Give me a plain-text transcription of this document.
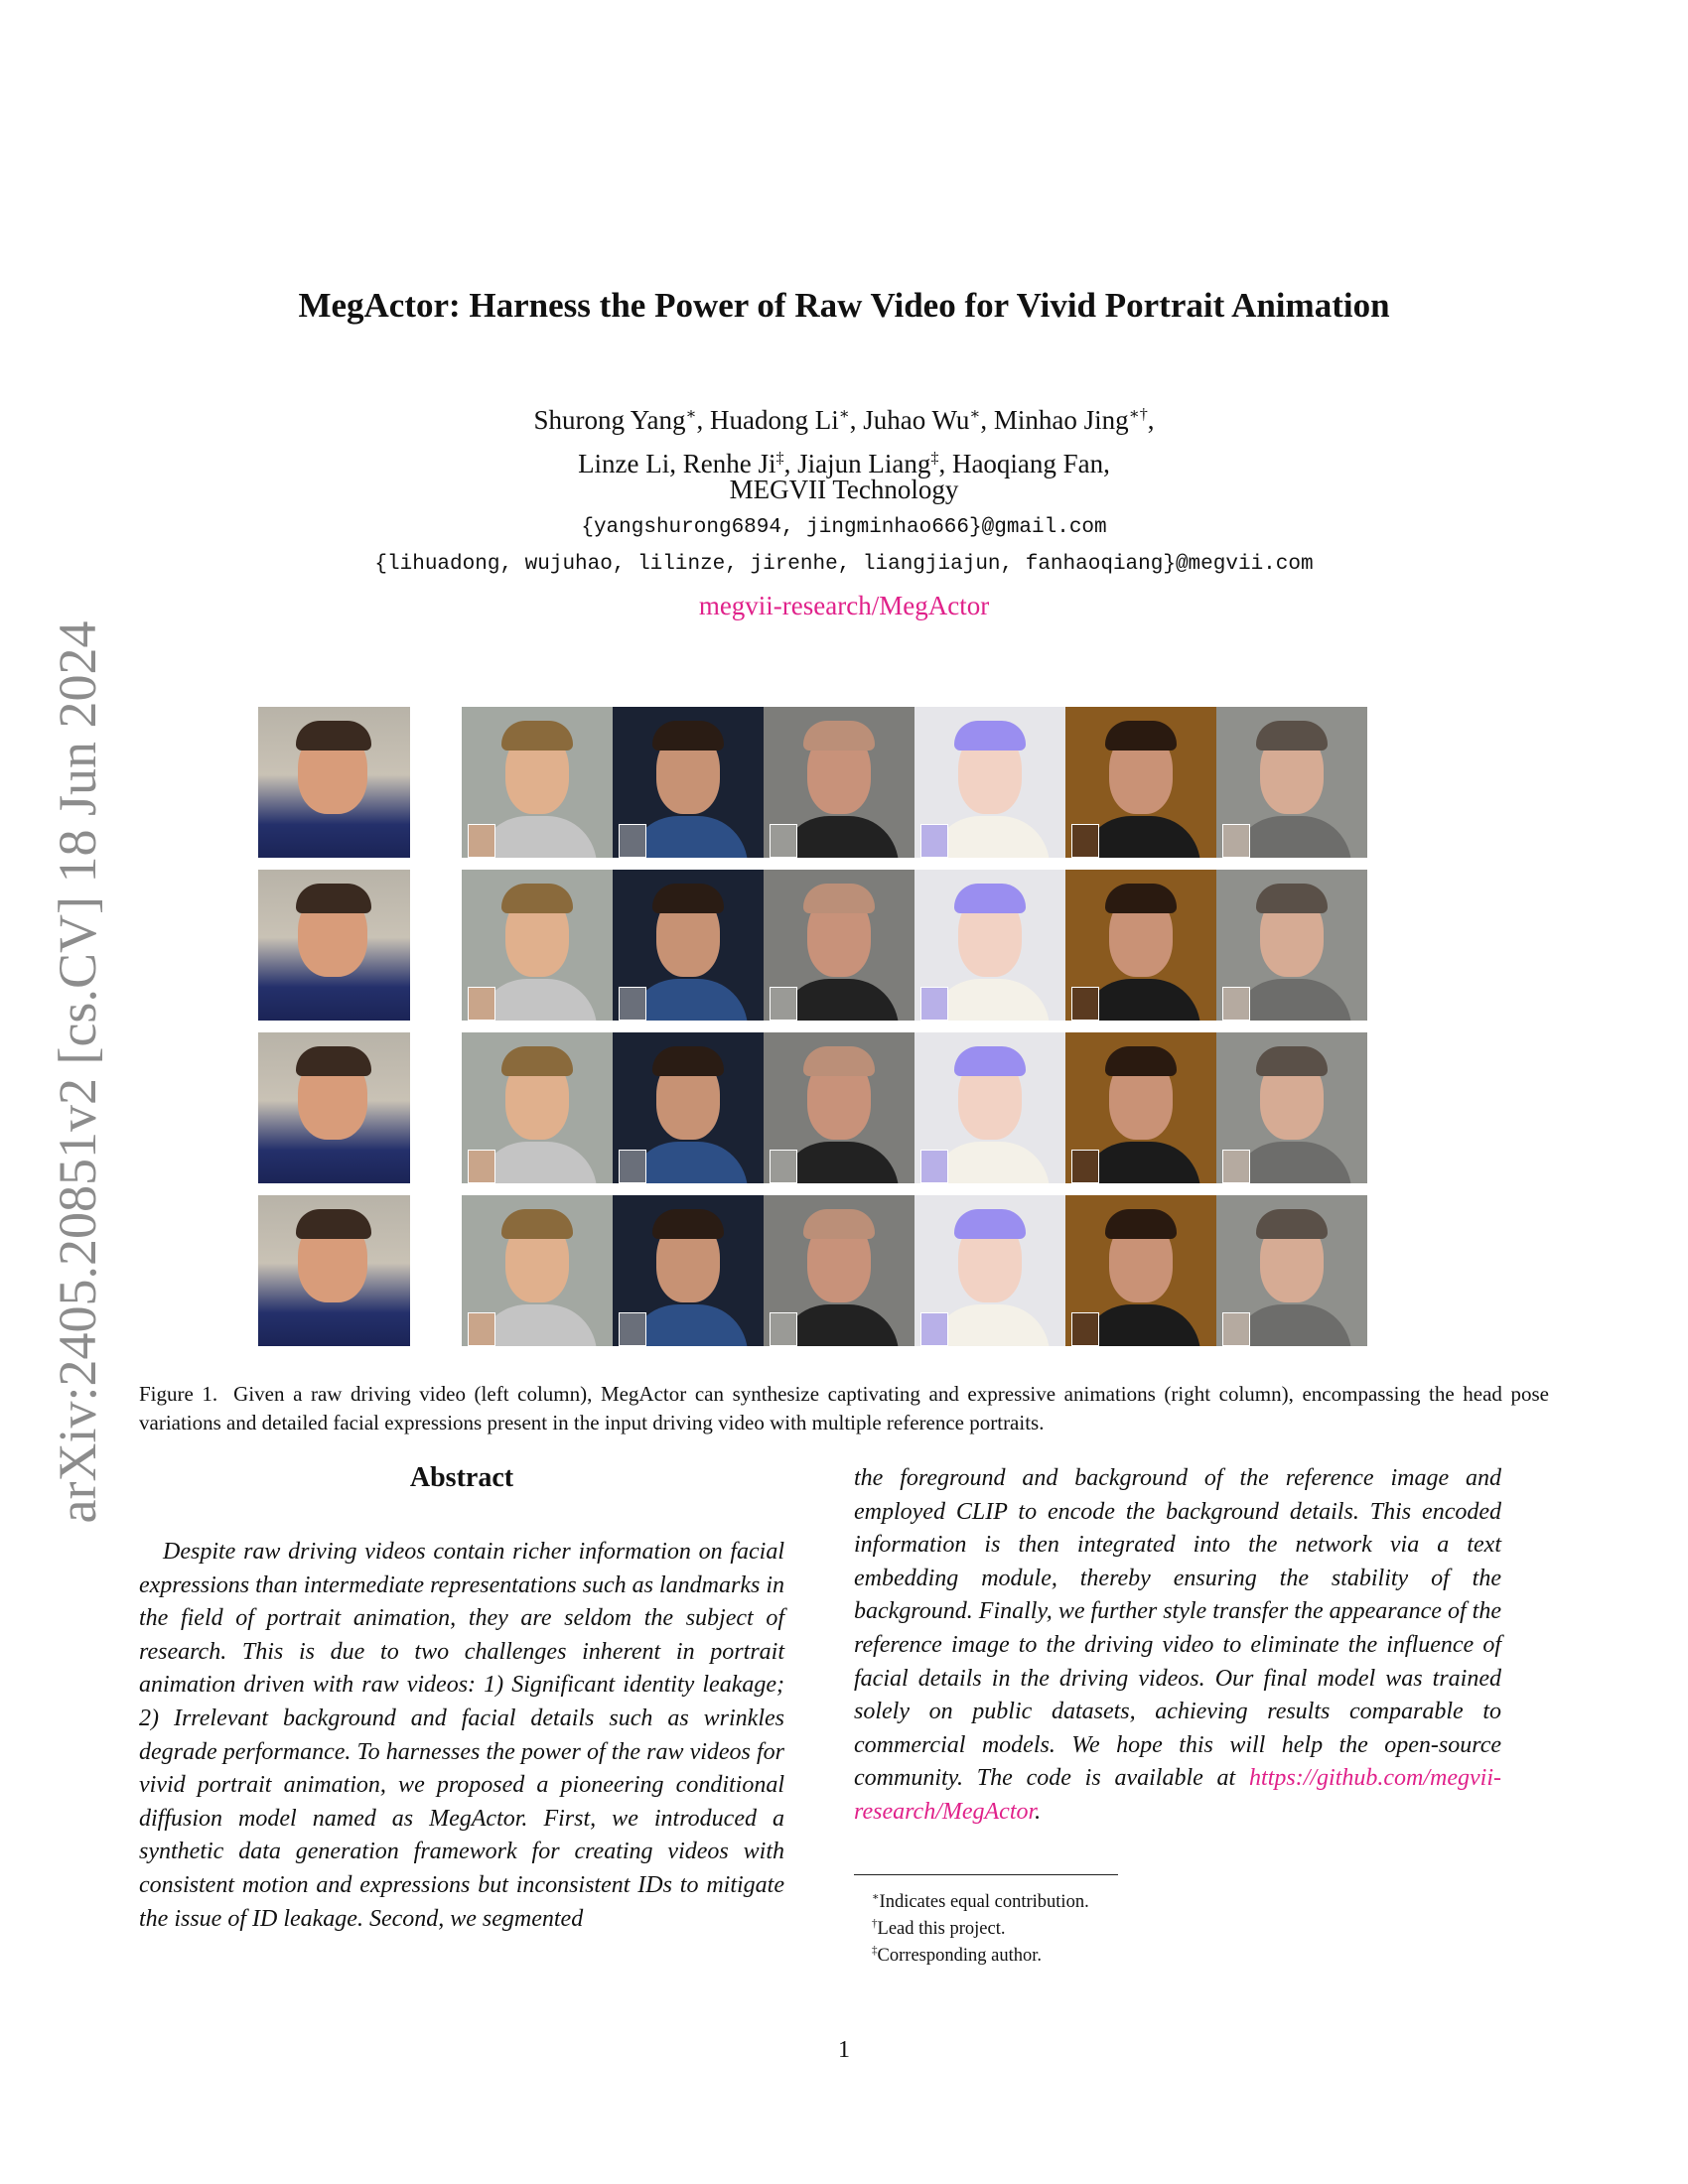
arXiv:2405.20851v2 [cs.CV] 18 Jun 2024
MegActor: Harness the Power of Raw Video for Vivid Portrait Animation
Shurong Yang∗, Huadong Li∗, Juhao Wu∗, Minhao Jing∗†,
Linze Li, Renhe Ji‡, Jiajun Liang‡, Haoqiang Fan,
MEGVII Technology
{yangshurong6894, jingminhao666}@gmail.com
{lihuadong, wujuhao, lilinze, jirenhe, liangjiajun, fanhaoqiang}@megvii.com
megvii-research/MegActor
Figure 1. Given a raw driving video (left column), MegActor can synthesize captivating and expressive animations (right column), encompassing the head pose variations and detailed facial expressions present in the input driving video with multiple reference portraits.
Abstract
Despite raw driving videos contain richer information on facial expressions than intermediate representations such as landmarks in the field of portrait animation, they are seldom the subject of research. This is due to two challenges inherent in portrait animation driven with raw videos: 1) Significant identity leakage; 2) Irrelevant background and facial details such as wrinkles degrade performance. To harnesses the power of the raw videos for vivid portrait animation, we proposed a pioneering conditional diffusion model named as MegActor. First, we introduced a synthetic data generation framework for creating videos with consistent motion and expressions but inconsistent IDs to mitigate the issue of ID leakage. Second, we segmented
the foreground and background of the reference image and employed CLIP to encode the background details. This encoded information is then integrated into the network via a text embedding module, thereby ensuring the stability of the background. Finally, we further style transfer the appearance of the reference image to the driving video to eliminate the influence of facial details in the driving videos. Our final model was trained solely on public datasets, achieving results comparable to commercial models. We hope this will help the open-source community. The code is available at https://github.com/megvii-research/MegActor.
∗Indicates equal contribution.
†Lead this project.
‡Corresponding author.
1
